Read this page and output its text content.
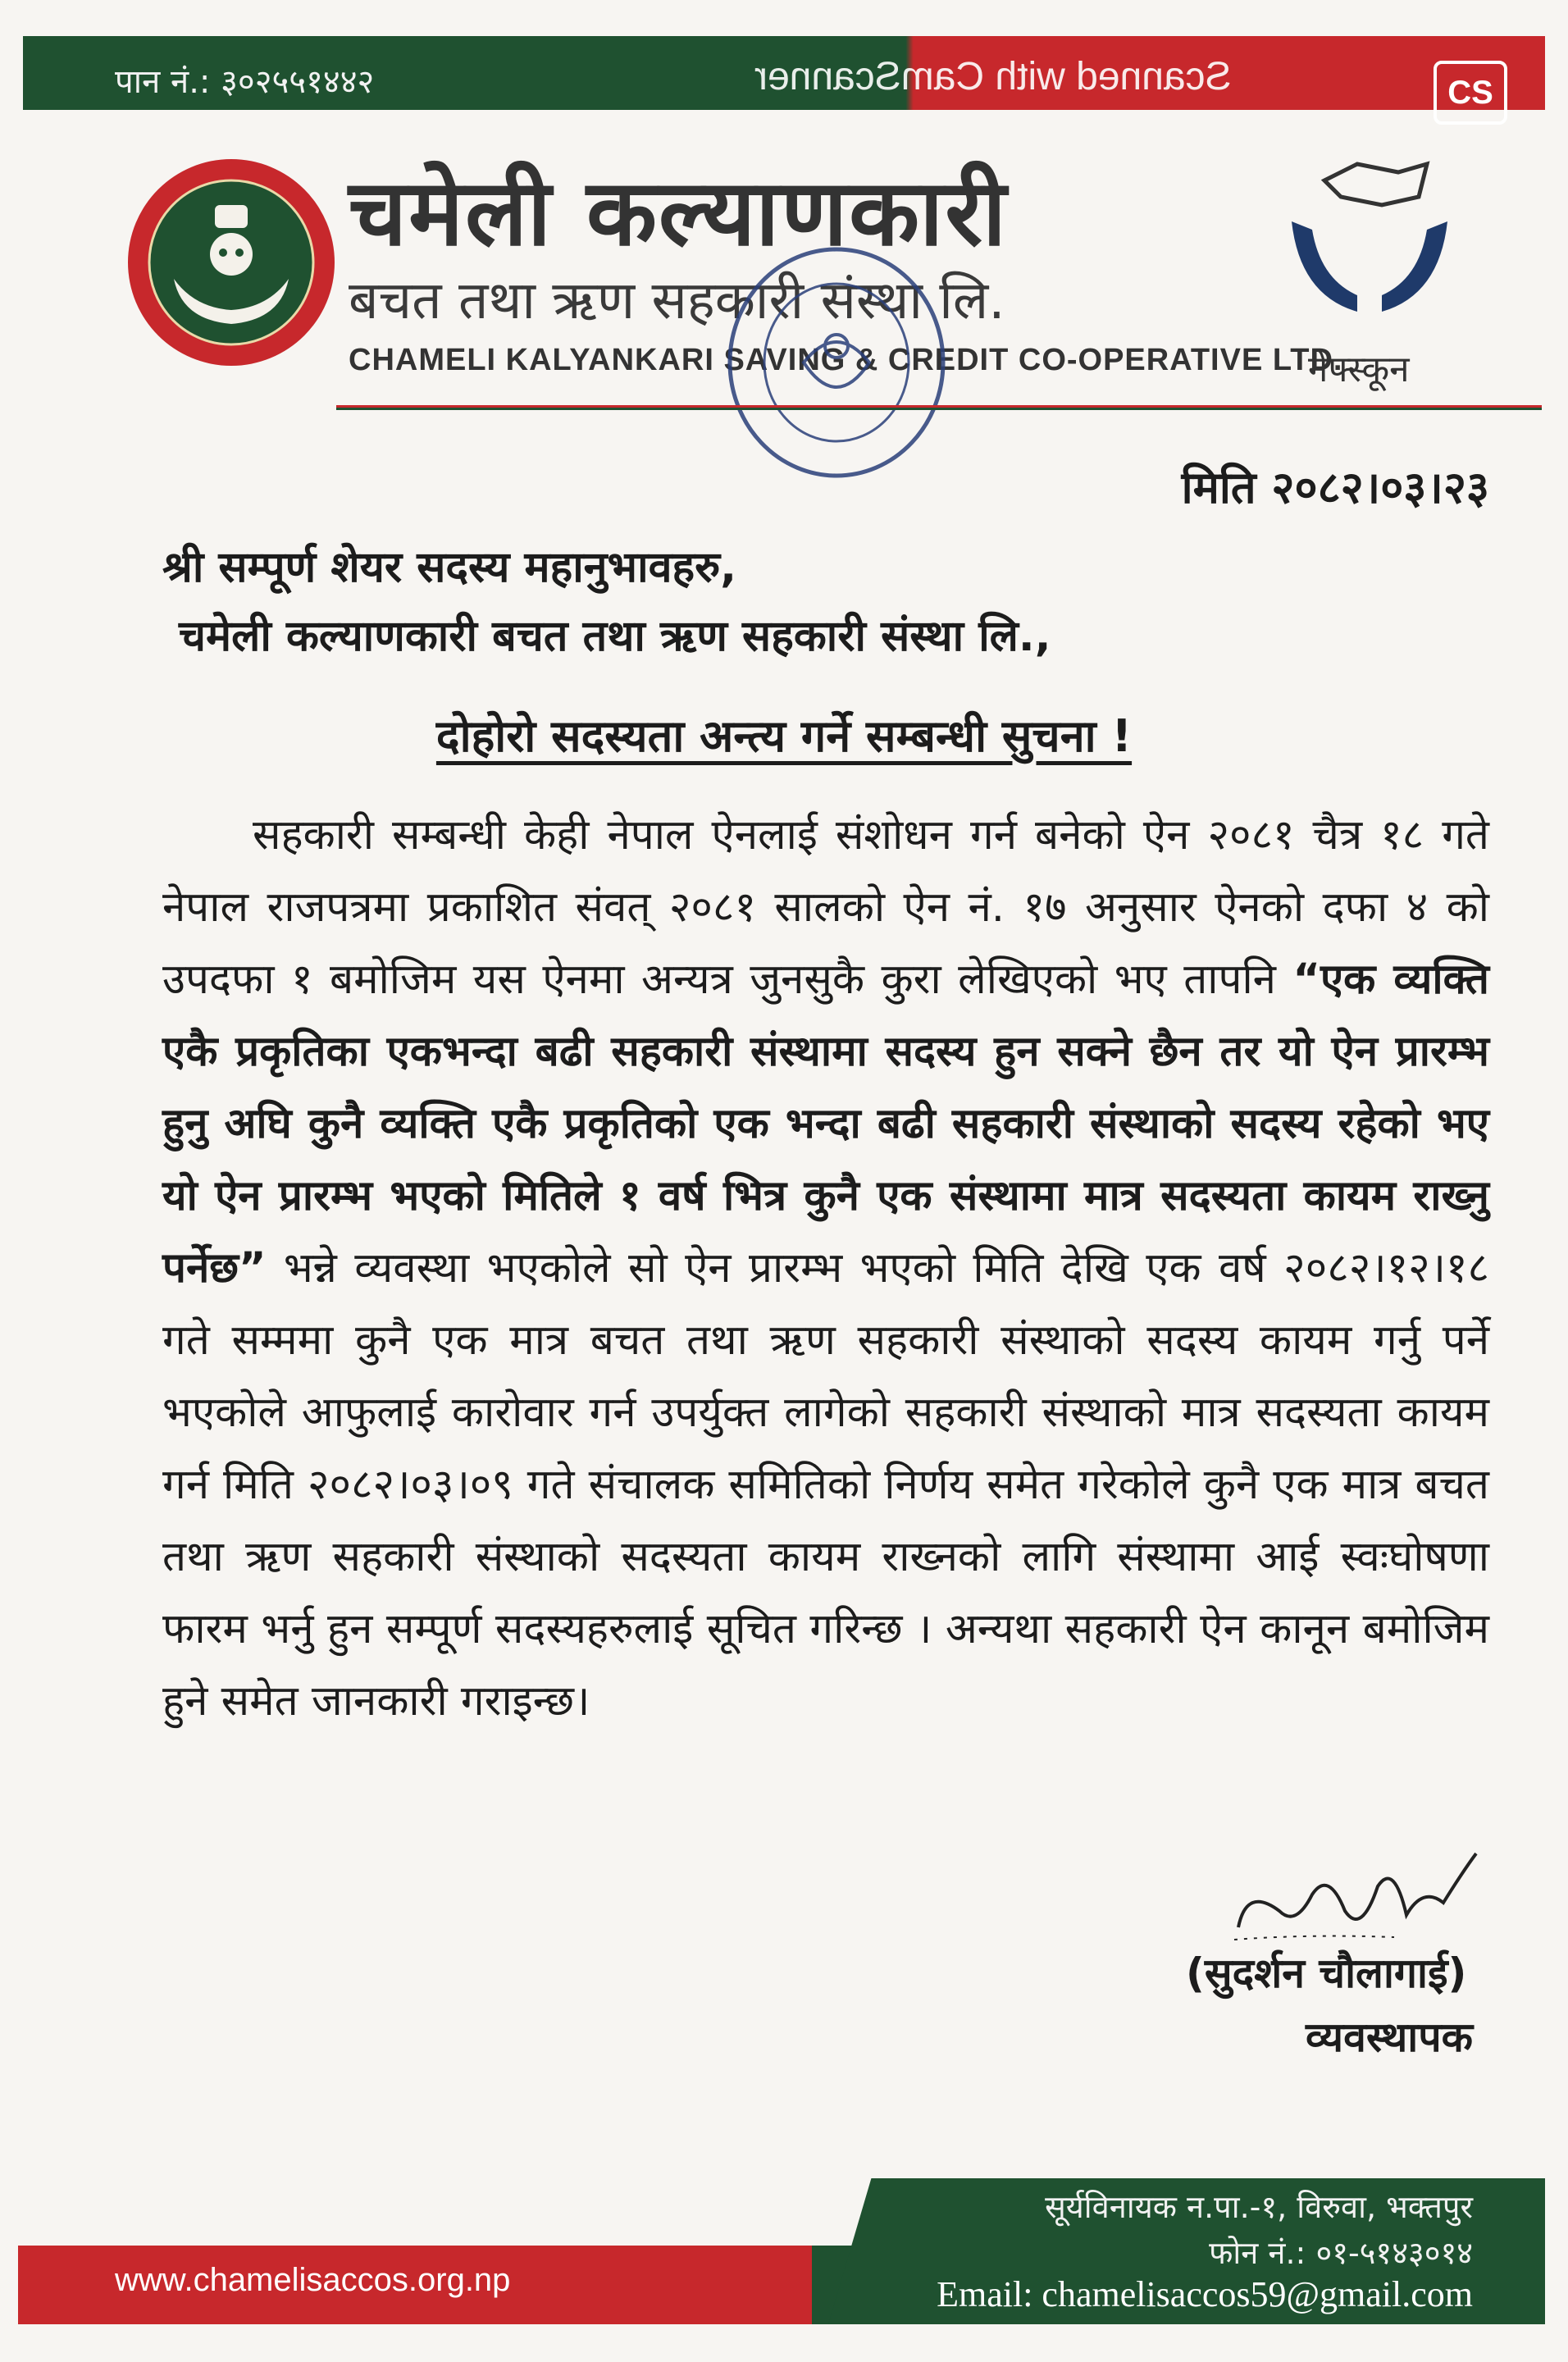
पान नं.: ३०२५५१४४२	Scanned with CamScanner	CS
चमेली कल्याणकारी
बचत तथा ऋण सहकारी संस्था लि.
CHAMELI KALYANKARI SAVING & CREDIT CO-OPERATIVE LTD.
नेफ्स्कून
मिति २०८२।०३।२३
श्री सम्पूर्ण शेयर सदस्य महानुभावहरु,
चमेली कल्याणकारी बचत तथा ऋण सहकारी संस्था लि.,
दोहोरो सदस्यता अन्त्य गर्ने सम्बन्धी सुचना !
सहकारी सम्बन्धी केही नेपाल ऐनलाई संशोधन गर्न बनेको ऐन २०८१ चैत्र १८ गते नेपाल राजपत्रमा प्रकाशित संवत् २०८१ सालको ऐन नं. १७ अनुसार ऐनको दफा ४ को उपदफा १ बमोजिम यस ऐनमा अन्यत्र जुनसुकै कुरा लेखिएको भए तापनि “एक व्यक्ति एकै प्रकृतिका एकभन्दा बढी सहकारी संस्थामा सदस्य हुन सक्ने छैन तर यो ऐन प्रारम्भ हुनु अघि कुनै व्यक्ति एकै प्रकृतिको एक भन्दा बढी सहकारी संस्थाको सदस्य रहेको भए यो ऐन प्रारम्भ भएको मितिले १ वर्ष भित्र कुनै एक संस्थामा मात्र सदस्यता कायम राख्नु पर्नेछ” भन्ने व्यवस्था भएकोले सो ऐन प्रारम्भ भएको मिति देखि एक वर्ष २०८२।१२।१८ गते सम्ममा कुनै एक मात्र बचत तथा ऋण सहकारी संस्थाको सदस्य कायम गर्नु पर्ने भएकोले आफुलाई कारोवार गर्न उपर्युक्त लागेको सहकारी संस्थाको मात्र सदस्यता कायम गर्न मिति २०८२।०३।०९ गते संचालक समितिको निर्णय समेत गरेकोले कुनै एक मात्र बचत तथा ऋण सहकारी संस्थाको सदस्यता कायम राख्नको लागि संस्थामा आई स्वःघोषणा फारम भर्नु हुन सम्पूर्ण सदस्यहरुलाई सूचित गरिन्छ । अन्यथा सहकारी ऐन कानून बमोजिम हुने समेत जानकारी गराइन्छ।
(सुदर्शन चौलागाई)
व्यवस्थापक
www.chamelisaccos.org.np
सूर्यविनायक न.पा.-१, विरुवा, भक्तपुर
फोन नं.: ०१-५१४३०१४
Email: chamelisaccos59@gmail.com
